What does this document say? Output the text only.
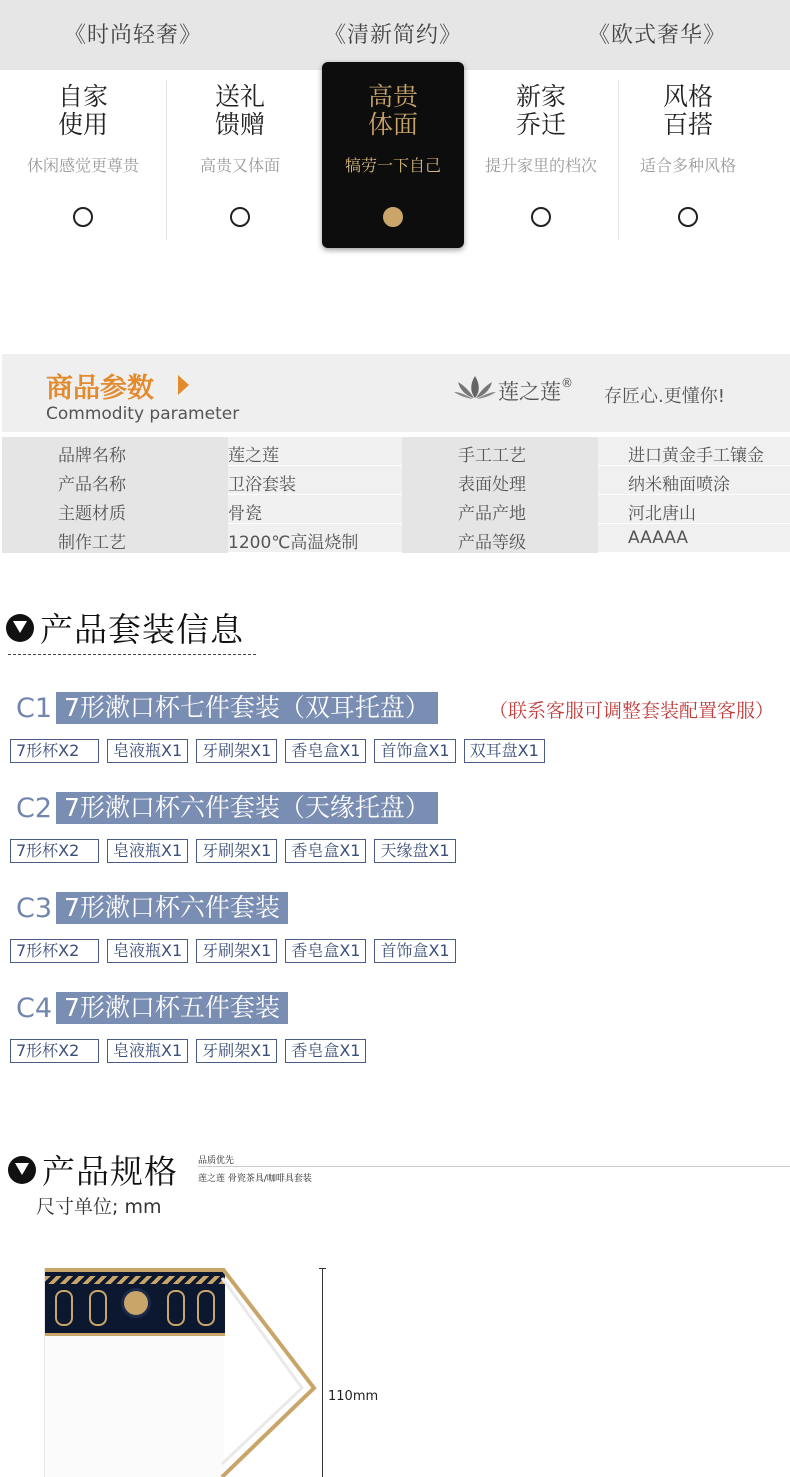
《时尚轻奢》	《清新简约》	《欧式奢华》
自家
使用
休闲感觉更尊贵
送礼
馈赠
高贵又体面
高贵
体面
犒劳一下自己
新家
乔迁
提升家里的档次
风格
百搭
适合多种风格
商品参数
Commodity parameter
莲之莲®
存匠心.更懂你!
品牌名称	莲之莲	手工工艺	进口黄金手工镶金
产品名称	卫浴套装	表面处理	纳米釉面喷涂
主题材质	骨瓷	产品产地	河北唐山
制作工艺	1200℃高温烧制	产品等级	AAAAA
产品套装信息
C1 7形漱口杯七件套装（双耳托盘）	（联系客服可调整套装配置客服）
7形杯X2	皂液瓶X1	牙刷架X1	香皂盒X1	首饰盒X1	双耳盘X1
C2 7形漱口杯六件套装（天缘托盘）
7形杯X2	皂液瓶X1	牙刷架X1	香皂盒X1	天缘盘X1
C3 7形漱口杯六件套装
7形杯X2	皂液瓶X1	牙刷架X1	香皂盒X1	首饰盒X1
C4 7形漱口杯五件套装
7形杯X2	皂液瓶X1	牙刷架X1	香皂盒X1
产品规格 品质优先
莲之莲 骨瓷茶具/咖啡具套装
尺寸单位; mm
110mm
